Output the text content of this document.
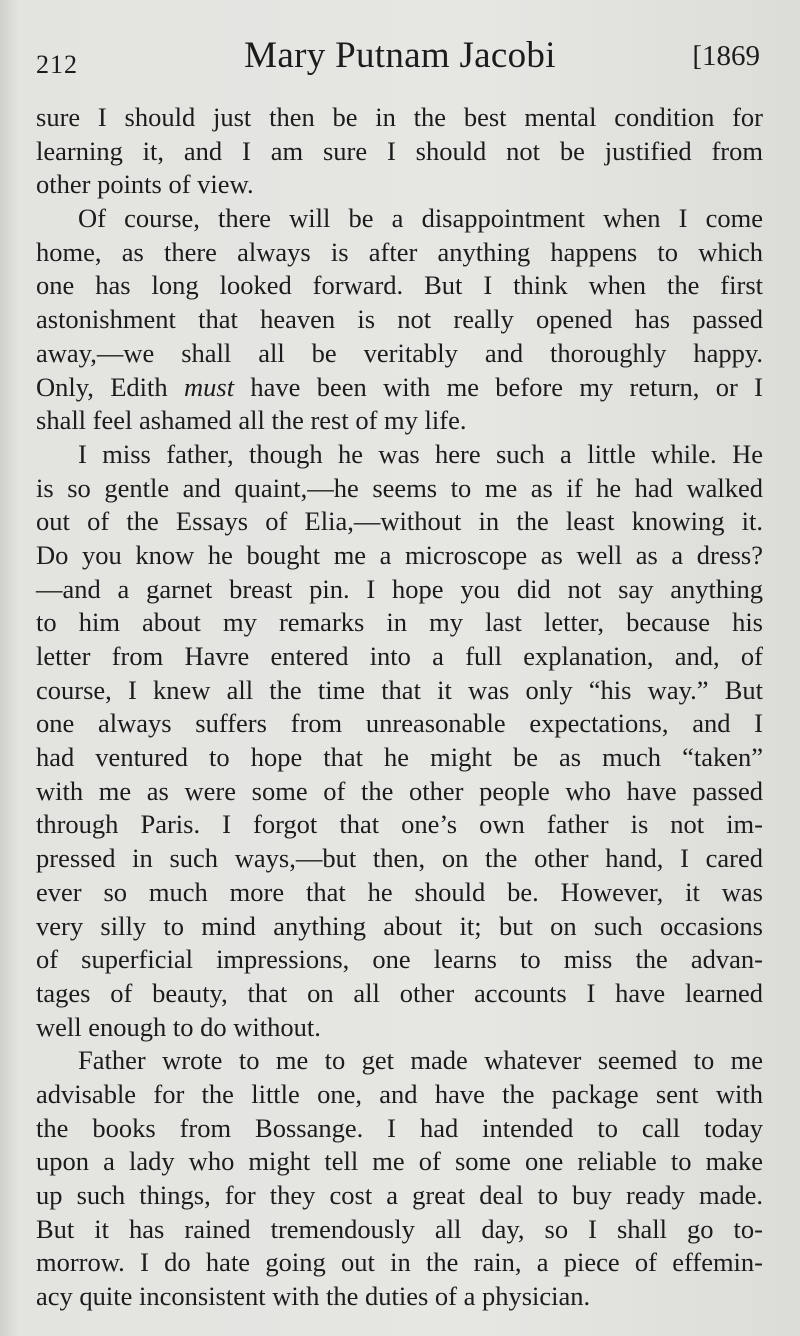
212	Mary Putnam Jacobi	[1869
sure I should just then be in the best mental condition for
learning it, and I am sure I should not be justified from
other points of view.
Of course, there will be a disappointment when I come
home, as there always is after anything happens to which
one has long looked forward. But I think when the first
astonishment that heaven is not really opened has passed
away,—we shall all be veritably and thoroughly happy.
Only, Edith must have been with me before my return, or I
shall feel ashamed all the rest of my life.
I miss father, though he was here such a little while. He
is so gentle and quaint,—he seems to me as if he had walked
out of the Essays of Elia,—without in the least knowing it.
Do you know he bought me a microscope as well as a dress?
—and a garnet breast pin. I hope you did not say anything
to him about my remarks in my last letter, because his
letter from Havre entered into a full explanation, and, of
course, I knew all the time that it was only “his way.” But
one always suffers from unreasonable expectations, and I
had ventured to hope that he might be as much “taken”
with me as were some of the other people who have passed
through Paris. I forgot that one’s own father is not im-
pressed in such ways,—but then, on the other hand, I cared
ever so much more that he should be. However, it was
very silly to mind anything about it; but on such occasions
of superficial impressions, one learns to miss the advan-
tages of beauty, that on all other accounts I have learned
well enough to do without.
Father wrote to me to get made whatever seemed to me
advisable for the little one, and have the package sent with
the books from Bossange. I had intended to call today
upon a lady who might tell me of some one reliable to make
up such things, for they cost a great deal to buy ready made.
But it has rained tremendously all day, so I shall go to-
morrow. I do hate going out in the rain, a piece of effemin-
acy quite inconsistent with the duties of a physician.
